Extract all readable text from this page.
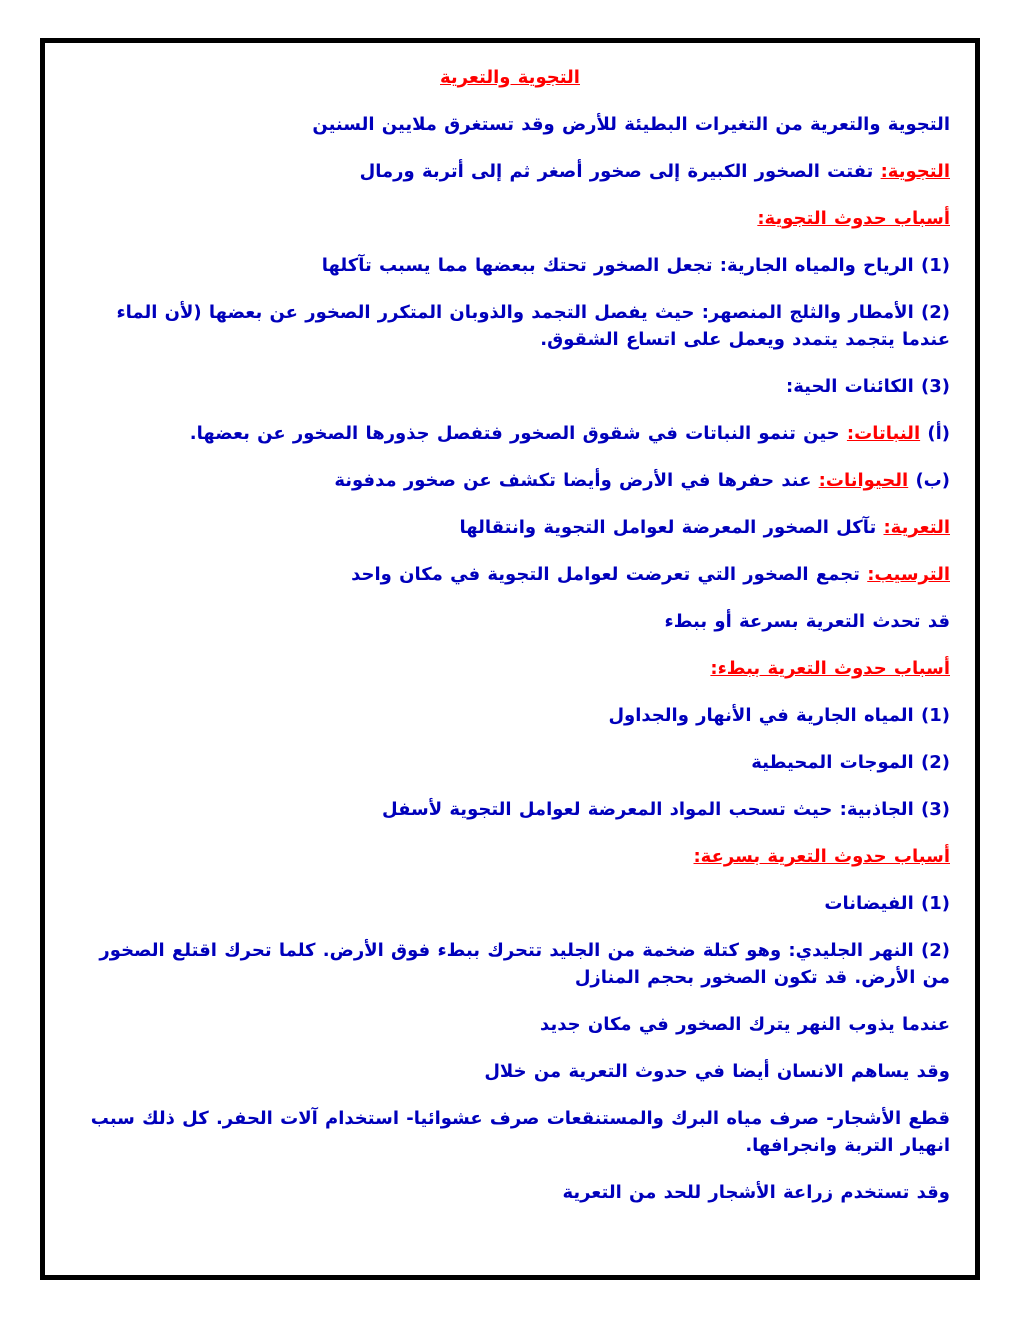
التجوية والتعرية

التجوية والتعرية من التغيرات البطيئة للأرض وقد تستغرق ملايين السنين

التجوية: تفتت الصخور الكبيرة إلى صخور أصغر ثم إلى أتربة ورمال

أسباب حدوث التجوية:

(1) الرياح والمياه الجارية: تجعل الصخور تحتك ببعضها مما يسبب تآكلها

(2) الأمطار والثلج المنصهر: حيث يفصل التجمد والذوبان المتكرر الصخور عن بعضها (لأن الماء عندما يتجمد يتمدد ويعمل على اتساع الشقوق.

(3) الكائنات الحية:

(أ) النباتات: حين تنمو النباتات في شقوق الصخور فتفصل جذورها الصخور عن بعضها.

(ب) الحيوانات: عند حفرها في الأرض وأيضا تكشف عن صخور مدفونة

التعرية: تآكل الصخور المعرضة لعوامل التجوية وانتقالها

الترسيب: تجمع الصخور التي تعرضت لعوامل التجوية في مكان واحد

قد تحدث التعرية بسرعة أو ببطء

أسباب حدوث التعرية ببطء:

(1) المياه الجارية في الأنهار والجداول

(2) الموجات المحيطية

(3) الجاذبية: حيث تسحب المواد المعرضة لعوامل التجوية لأسفل

أسباب حدوث التعرية بسرعة:

(1) الفيضانات

(2) النهر الجليدي: وهو كتلة ضخمة من الجليد تتحرك ببطء فوق الأرض. كلما تحرك اقتلع الصخور من الأرض. قد تكون الصخور بحجم المنازل

عندما يذوب النهر يترك الصخور في مكان جديد

وقد يساهم الانسان أيضا في حدوث التعرية من خلال

قطع الأشجار- صرف مياه البرك والمستنقعات صرف عشوائيا- استخدام آلات الحفر. كل ذلك سبب انهيار التربة وانجرافها.

وقد تستخدم زراعة الأشجار للحد من التعرية
